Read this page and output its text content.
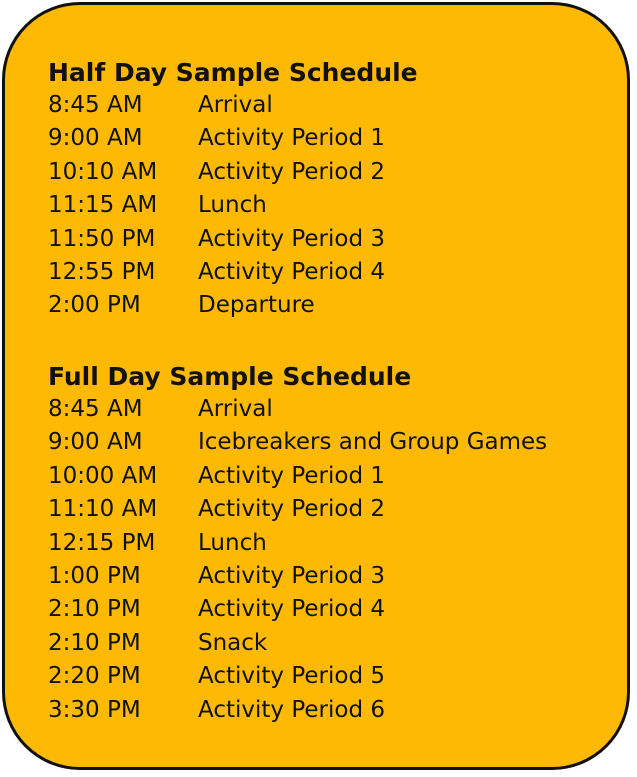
Half Day Sample Schedule
8:45 AM	Arrival
9:00 AM	Activity Period 1
10:10 AM	Activity Period 2
11:15 AM	Lunch
11:50 PM	Activity Period 3
12:55 PM	Activity Period 4
2:00 PM	Departure
Full Day Sample Schedule
8:45 AM	Arrival
9:00 AM	Icebreakers and Group Games
10:00 AM	Activity Period 1
11:10 AM	Activity Period 2
12:15 PM	Lunch
1:00 PM	Activity Period 3
2:10 PM	Activity Period 4
2:10 PM	Snack
2:20 PM	Activity Period 5
3:30 PM	Activity Period 6
